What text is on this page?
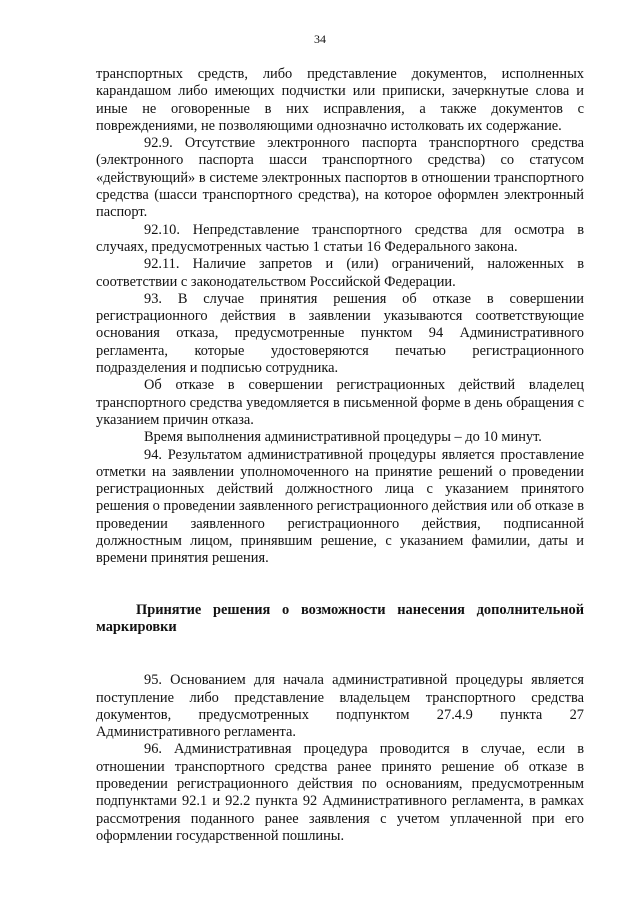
34

транспортных средств, либо представление документов, исполненных карандашом либо имеющих подчистки или приписки, зачеркнутые слова и иные не оговоренные в них исправления, а также документов с повреждениями, не позволяющими однозначно истолковать их содержание.

92.9. Отсутствие электронного паспорта транспортного средства (электронного паспорта шасси транспортного средства) со статусом «действующий» в системе электронных паспортов в отношении транспортного средства (шасси транспортного средства), на которое оформлен электронный паспорт.

92.10. Непредставление транспортного средства для осмотра в случаях, предусмотренных частью 1 статьи 16 Федерального закона.

92.11. Наличие запретов и (или) ограничений, наложенных в соответствии с законодательством Российской Федерации.

93. В случае принятия решения об отказе в совершении регистрационного действия в заявлении указываются соответствующие основания отказа, предусмотренные пунктом 94 Административного регламента, которые удостоверяются печатью регистрационного подразделения и подписью сотрудника.

Об отказе в совершении регистрационных действий владелец транспортного средства уведомляется в письменной форме в день обращения с указанием причин отказа.

Время выполнения административной процедуры – до 10 минут.

94. Результатом административной процедуры является проставление отметки на заявлении уполномоченного на принятие решений о проведении регистрационных действий должностного лица с указанием принятого решения о проведении заявленного регистрационного действия или об отказе в проведении заявленного регистрационного действия, подписанной должностным лицом, принявшим решение, с указанием фамилии, даты и времени принятия решения.

Принятие решения о возможности нанесения дополнительной маркировки

95. Основанием для начала административной процедуры является поступление либо представление владельцем транспортного средства документов, предусмотренных подпунктом 27.4.9 пункта 27 Административного регламента.

96. Административная процедура проводится в случае, если в отношении транспортного средства ранее принято решение об отказе в проведении регистрационного действия по основаниям, предусмотренным подпунктами 92.1 и 92.2 пункта 92 Административного регламента, в рамках рассмотрения поданного ранее заявления с учетом уплаченной при его оформлении государственной пошлины.
